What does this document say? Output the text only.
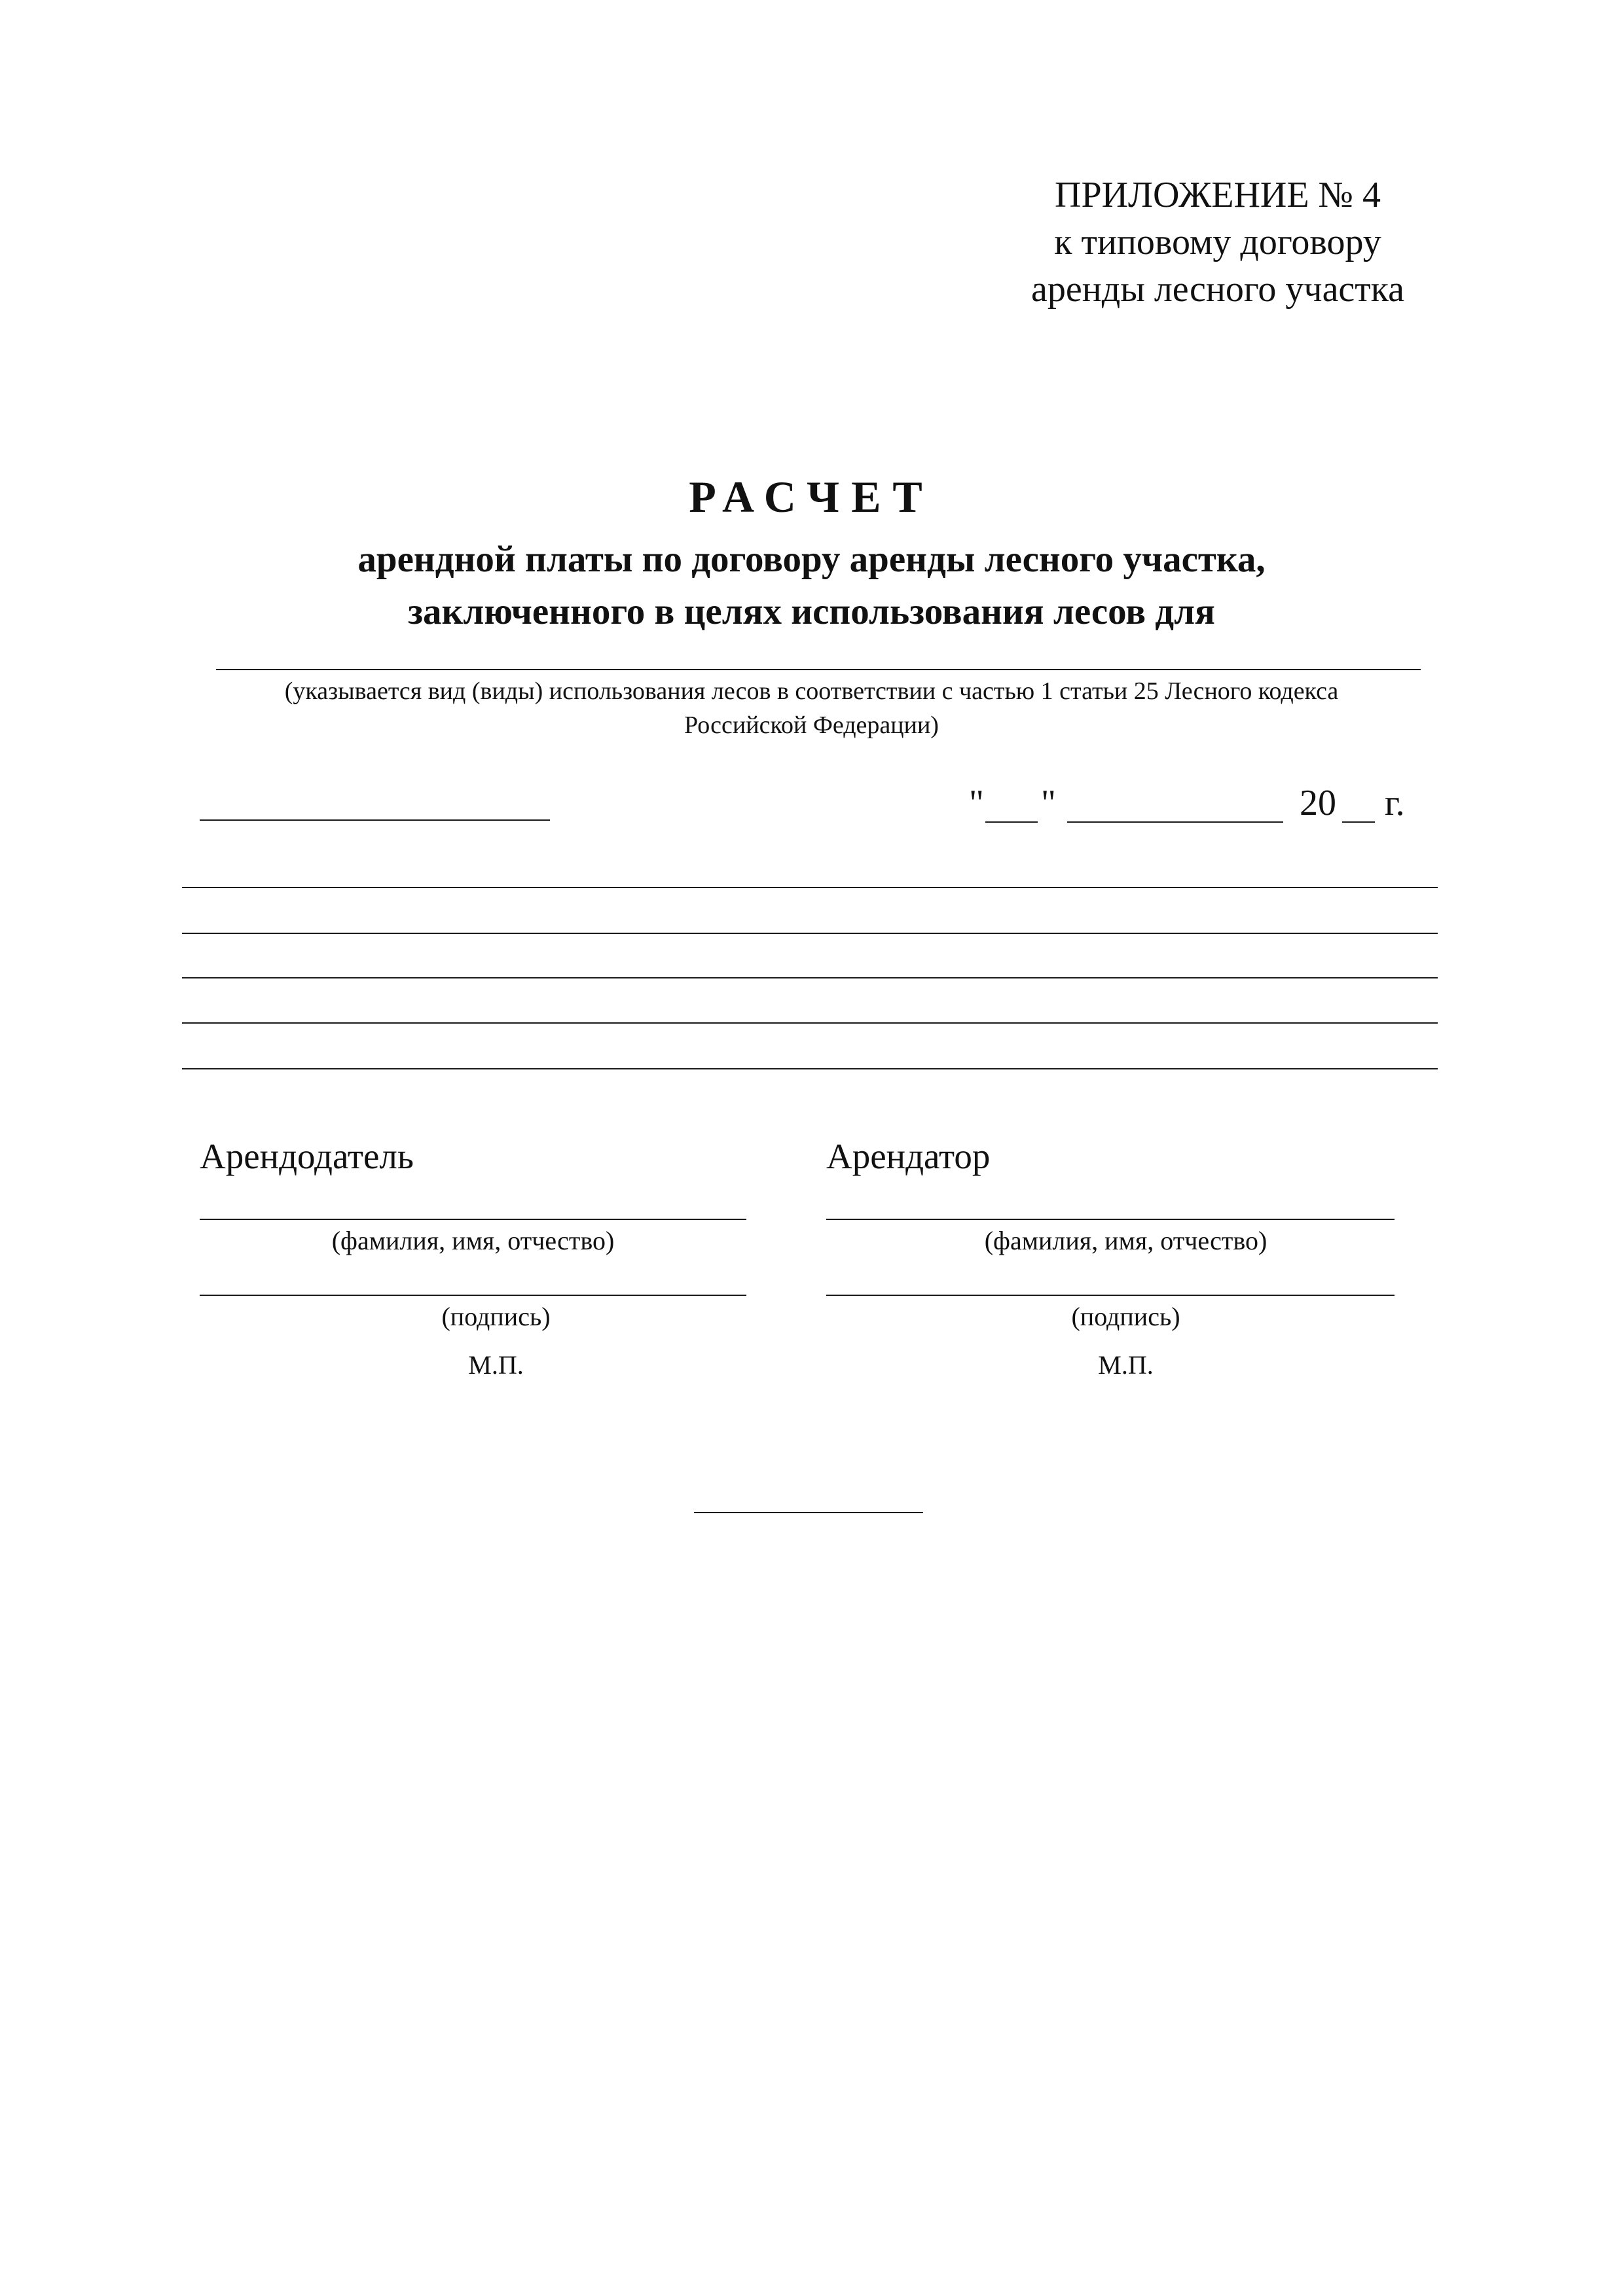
ПРИЛОЖЕНИЕ № 4
к типовому договору
аренды лесного участка
РАСЧЕТ
арендной платы по договору аренды лесного участка,
заключенного в целях использования лесов для
(указывается вид (виды) использования лесов в соответствии с частью 1 статьи 25 Лесного кодекса
Российской Федерации)
" "	20 г.
Арендодатель
(фамилия, имя, отчество)
(подпись)
М.П.
Арендатор
(фамилия, имя, отчество)
(подпись)
М.П.
